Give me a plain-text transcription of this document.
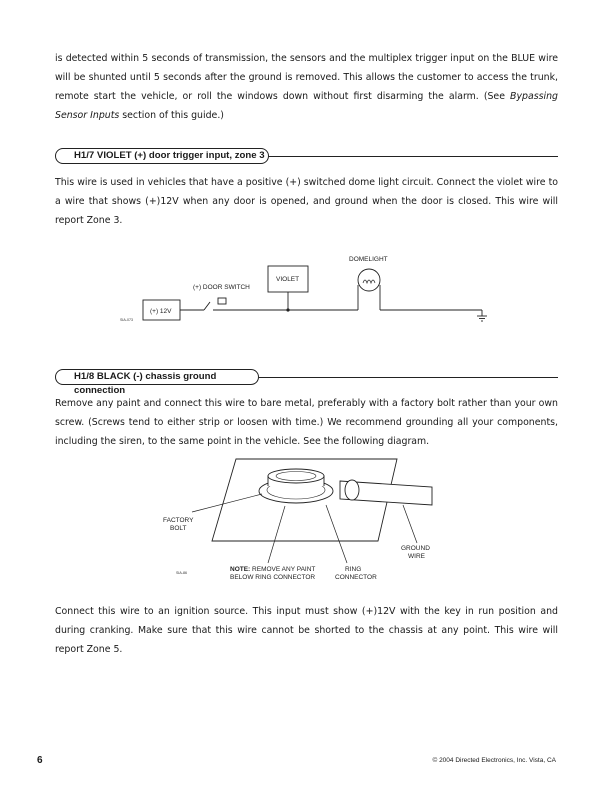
is detected within 5 seconds of transmission, the sensors and the multiplex trigger input on the BLUE wire will be shunted until 5 seconds after the ground is removed. This allows the customer to access the trunk, remote start the vehicle, or roll the windows down without first disarming the alarm. (See Bypassing Sensor Inputs section of this guide.)

H1/7 VIOLET (+) door trigger input, zone 3

This wire is used in vehicles that have a positive (+) switched dome light circuit. Connect the violet wire to a wire that shows (+)12V when any door is opened, and ground when the door is closed. This wire will report Zone 3.

H1/8 BLACK (-) chassis ground connection

Remove any paint and connect this wire to bare metal, preferably with a factory bolt rather than your own screw. (Screws tend to either strip or loosen with time.) We recommend grounding all your components, including the siren, to the same point in the vehicle. See the following diagram.

Connect this wire to an ignition source. This input must show (+)12V with the key in run position and during cranking. Make sure that this wire cannot be shorted to the chassis at any point. This wire will report Zone 5.

(+) 12V
(+) DOOR SWITCH
VIOLET
DOMELIGHT
SIA-073
FACTORY
BOLT
NOTE: REMOVE ANY PAINT
BELOW RING CONNECTOR
RING
CONNECTOR
GROUND
WIRE
SIA-86
6	© 2004 Directed Electronics, Inc. Vista, CA
